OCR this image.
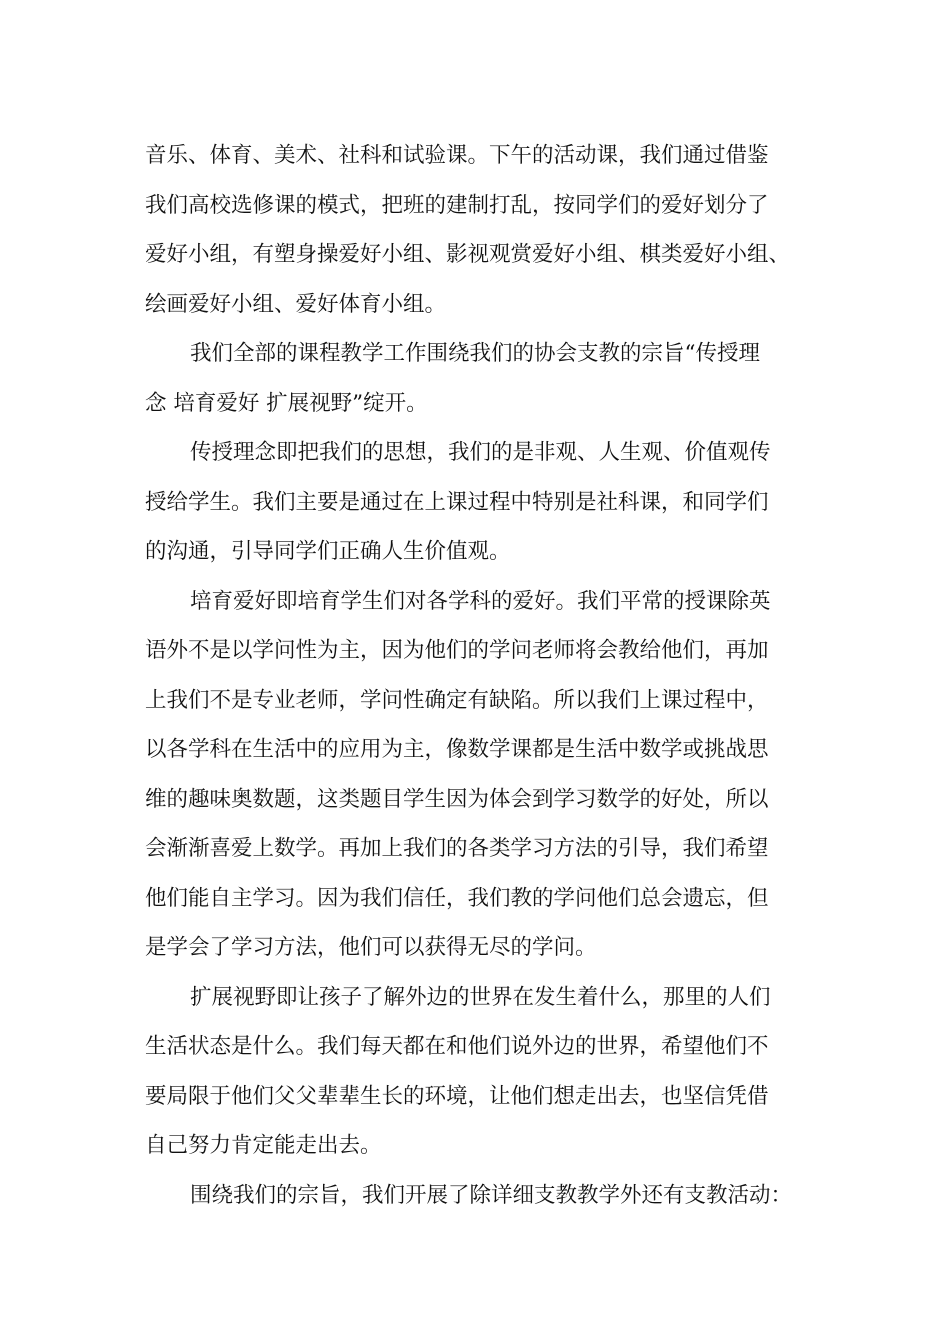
音乐、体育、美术、社科和试验课。下午的活动课，我们通过借鉴
我们高校选修课的模式，把班的建制打乱，按同学们的爱好划分了
爱好小组，有塑身操爱好小组、影视观赏爱好小组、棋类爱好小组、
绘画爱好小组、爱好体育小组。
我们全部的课程教学工作围绕我们的协会支教的宗旨“传授理
念 培育爱好 扩展视野”绽开。
传授理念即把我们的思想，我们的是非观、人生观、价值观传
授给学生。我们主要是通过在上课过程中特别是社科课，和同学们
的沟通，引导同学们正确人生价值观。
培育爱好即培育学生们对各学科的爱好。我们平常的授课除英
语外不是以学问性为主，因为他们的学问老师将会教给他们，再加
上我们不是专业老师，学问性确定有缺陷。所以我们上课过程中，
以各学科在生活中的应用为主，像数学课都是生活中数学或挑战思
维的趣味奥数题，这类题目学生因为体会到学习数学的好处，所以
会渐渐喜爱上数学。再加上我们的各类学习方法的引导，我们希望
他们能自主学习。因为我们信任，我们教的学问他们总会遗忘，但
是学会了学习方法，他们可以获得无尽的学问。
扩展视野即让孩子了解外边的世界在发生着什么，那里的人们
生活状态是什么。我们每天都在和他们说外边的世界，希望他们不
要局限于他们父父辈辈生长的环境，让他们想走出去，也坚信凭借
自己努力肯定能走出去。
围绕我们的宗旨，我们开展了除详细支教教学外还有支教活动：
